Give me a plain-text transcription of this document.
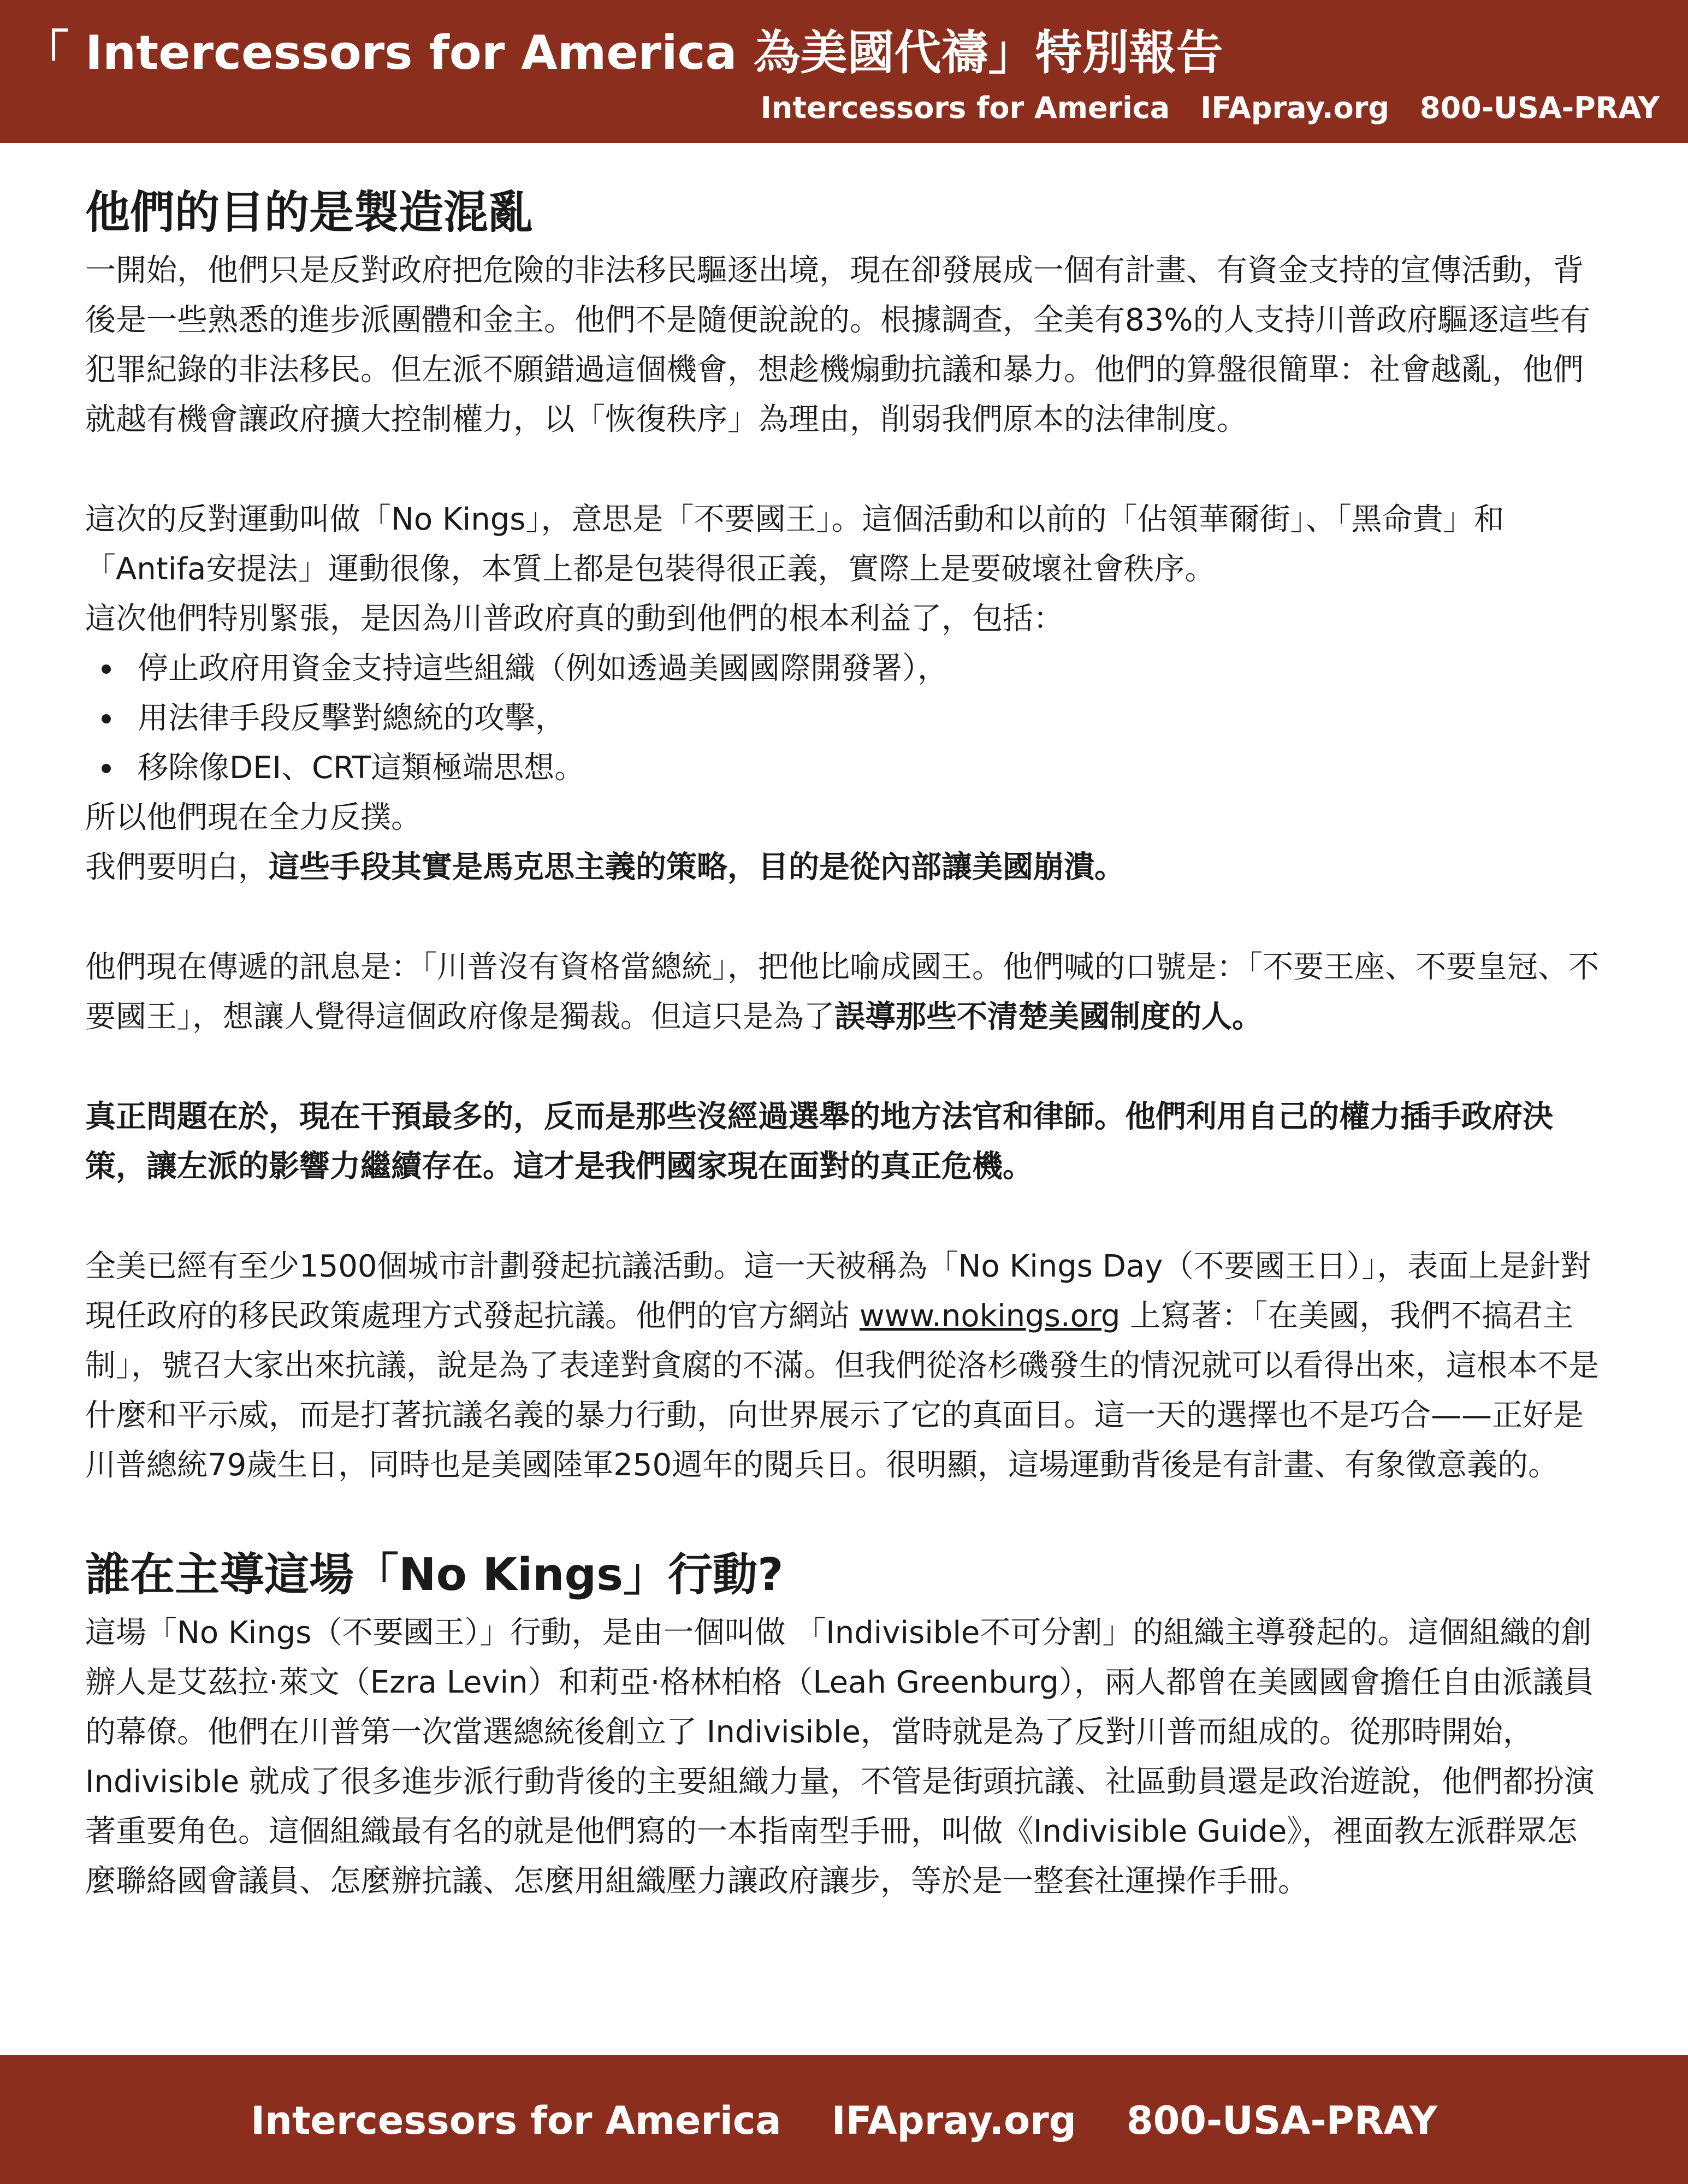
「 Intercessors for America 為美國代禱」特別報告
Intercessors for America IFApray.org 800-USA-PRAY
他們的目的是製造混亂

一開始，他們只是反對政府把危險的非法移民驅逐出境，現在卻發展成一個有計畫、有資金支持的宣傳活動，背後是一些熟悉的進步派團體和金主。他們不是隨便說說的。根據調查，全美有83%的人支持川普政府驅逐這些有犯罪紀錄的非法移民。但左派不願錯過這個機會，想趁機煽動抗議和暴力。他們的算盤很簡單：社會越亂，他們就越有機會讓政府擴大控制權力，以「恢復秩序」為理由，削弱我們原本的法律制度。

這次的反對運動叫做「No Kings」，意思是「不要國王」。這個活動和以前的「佔領華爾街」、「黑命貴」和「Antifa安提法」運動很像，本質上都是包裝得很正義，實際上是要破壞社會秩序。

這次他們特別緊張，是因為川普政府真的動到他們的根本利益了，包括：

停止政府用資金支持這些組織（例如透過美國國際開發署），
用法律手段反擊對總統的攻擊，
移除像DEI、CRT這類極端思想。

所以他們現在全力反撲。

我們要明白，這些手段其實是馬克思主義的策略，目的是從內部讓美國崩潰。

他們現在傳遞的訊息是：「川普沒有資格當總統」，把他比喻成國王。他們喊的口號是：「不要王座、不要皇冠、不要國王」，想讓人覺得這個政府像是獨裁。但這只是為了誤導那些不清楚美國制度的人。

真正問題在於，現在干預最多的，反而是那些沒經過選舉的地方法官和律師。他們利用自己的權力插手政府決策，讓左派的影響力繼續存在。這才是我們國家現在面對的真正危機。

全美已經有至少1500個城市計劃發起抗議活動。這一天被稱為「No Kings Day（不要國王日）」，表面上是針對現任政府的移民政策處理方式發起抗議。他們的官方網站 www.nokings.org 上寫著：「在美國，我們不搞君主制」，號召大家出來抗議，說是為了表達對貪腐的不滿。但我們從洛杉磯發生的情況就可以看得出來，這根本不是什麼和平示威，而是打著抗議名義的暴力行動，向世界展示了它的真面目。這一天的選擇也不是巧合——正好是川普總統79歲生日，同時也是美國陸軍250週年的閱兵日。很明顯，這場運動背後是有計畫、有象徵意義的。

誰在主導這場「No Kings」行動?

這場「No Kings（不要國王）」行動，是由一個叫做 「Indivisible不可分割」的組織主導發起的。這個組織的創辦人是艾茲拉·萊文（Ezra Levin）和莉亞·格林柏格（Leah Greenburg），兩人都曾在美國國會擔任自由派議員的幕僚。他們在川普第一次當選總統後創立了 Indivisible，當時就是為了反對川普而組成的。從那時開始，Indivisible 就成了很多進步派行動背後的主要組織力量，不管是街頭抗議、社區動員還是政治遊說，他們都扮演著重要角色。這個組織最有名的就是他們寫的一本指南型手冊，叫做《Indivisible Guide》，裡面教左派群眾怎麼聯絡國會議員、怎麼辦抗議、怎麼用組織壓力讓政府讓步，等於是一整套社運操作手冊。

Intercessors for America IFApray.org 800-USA-PRAY
